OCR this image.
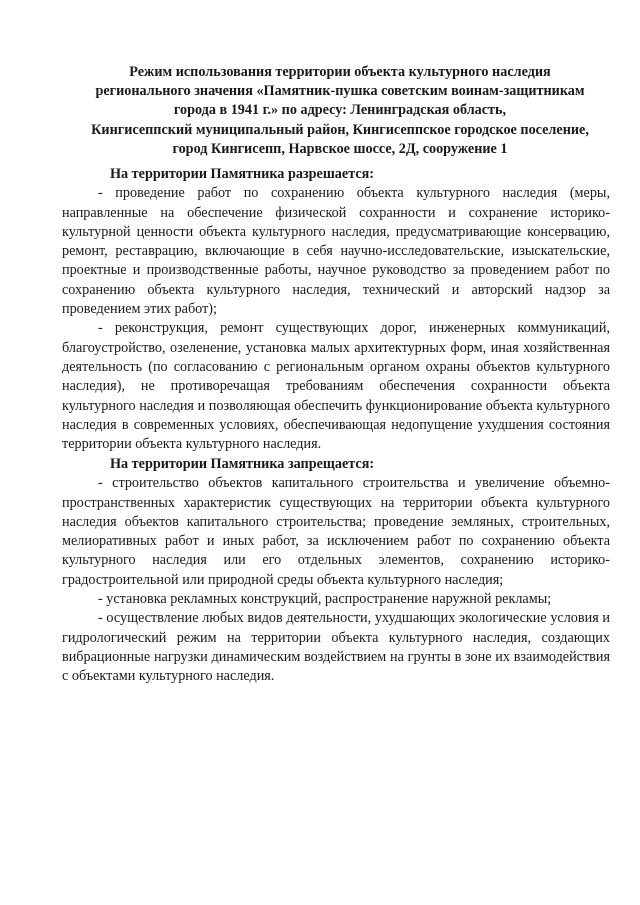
Режим использования территории объекта культурного наследия
регионального значения «Памятник-пушка советским воинам-защитникам
города в 1941 г.» по адресу: Ленинградская область,
Кингисеппский муниципальный район, Кингисеппское городское поселение,
город Кингисепп, Нарвское шоссе, 2Д, сооружение 1

На территории Памятника разрешается:

- проведение работ по сохранению объекта культурного наследия (меры, направленные на обеспечение физической сохранности и сохранение историко-культурной ценности объекта культурного наследия, предусматривающие консервацию, ремонт, реставрацию, включающие в себя научно-исследовательские, изыскательские, проектные и производственные работы, научное руководство за проведением работ по сохранению объекта культурного наследия, технический и авторский надзор за проведением этих работ);

- реконструкция, ремонт существующих дорог, инженерных коммуникаций, благоустройство, озеленение, установка малых архитектурных форм, иная хозяйственная деятельность (по согласованию с региональным органом охраны объектов культурного наследия), не противоречащая требованиям обеспечения сохранности объекта культурного наследия и позволяющая обеспечить функционирование объекта культурного наследия в современных условиях, обеспечивающая недопущение ухудшения состояния территории объекта культурного наследия.

На территории Памятника запрещается:

- строительство объектов капитального строительства и увеличение объемно-пространственных характеристик существующих на территории объекта культурного наследия объектов капитального строительства; проведение земляных, строительных, мелиоративных работ и иных работ, за исключением работ по сохранению объекта культурного наследия или его отдельных элементов, сохранению историко-градостроительной или природной среды объекта культурного наследия;

- установка рекламных конструкций, распространение наружной рекламы;

- осуществление любых видов деятельности, ухудшающих экологические условия и гидрологический режим на территории объекта культурного наследия, создающих вибрационные нагрузки динамическим воздействием на грунты в зоне их взаимодействия с объектами культурного наследия.
